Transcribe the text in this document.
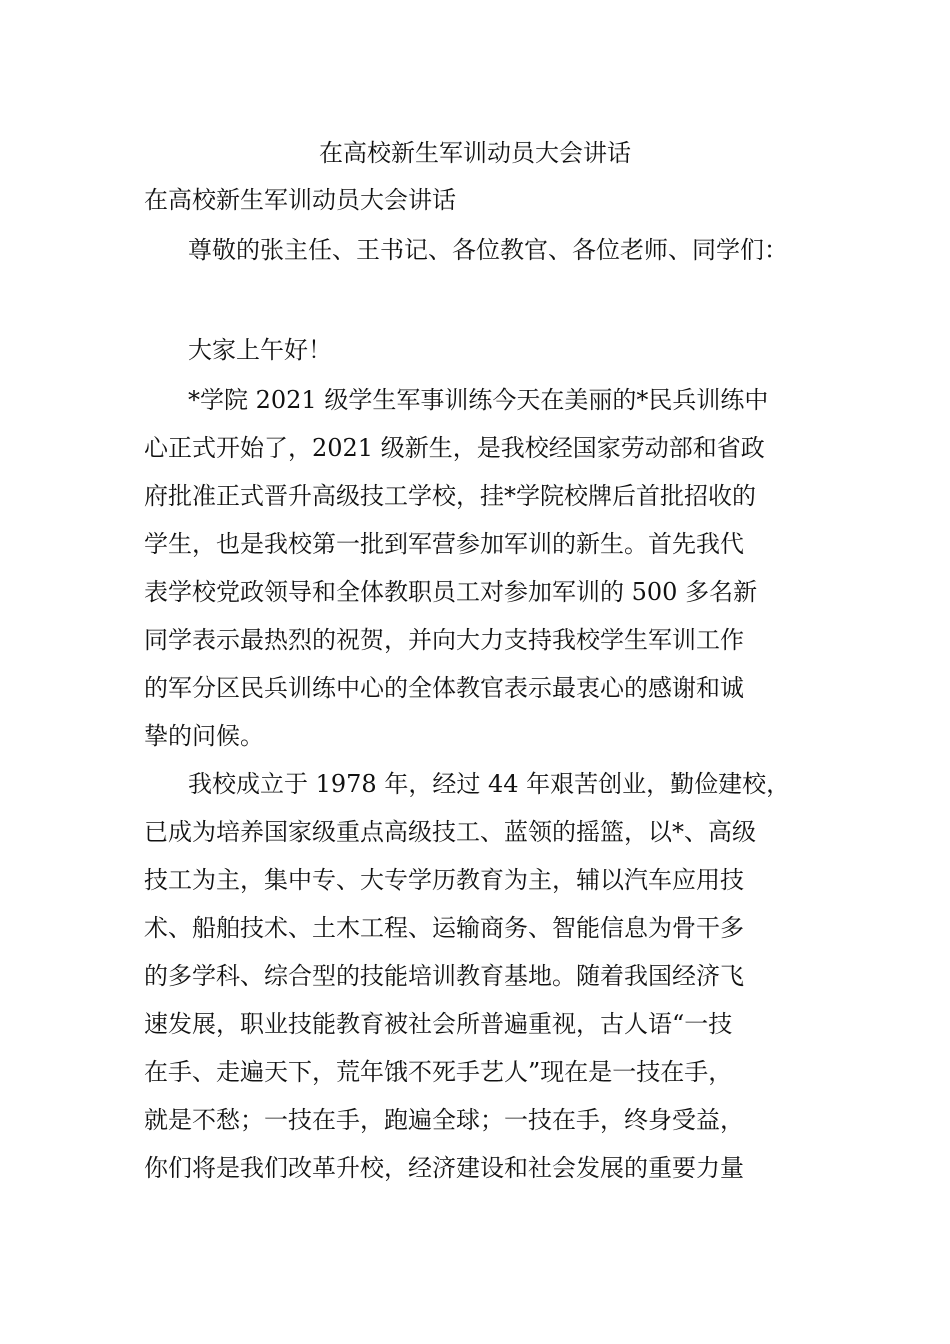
在高校新生军训动员大会讲话

在高校新生军训动员大会讲话

尊敬的张主任、王书记、各位教官、各位老师、同学们：

大家上午好！

*学院 2021 级学生军事训练今天在美丽的*民兵训练中
心正式开始了，2021 级新生，是我校经国家劳动部和省政
府批准正式晋升高级技工学校，挂*学院校牌后首批招收的
学生，也是我校第一批到军营参加军训的新生。首先我代
表学校党政领导和全体教职员工对参加军训的 500 多名新
同学表示最热烈的祝贺，并向大力支持我校学生军训工作
的军分区民兵训练中心的全体教官表示最衷心的感谢和诚
挚的问候。

我校成立于 1978 年，经过 44 年艰苦创业，勤俭建校，
已成为培养国家级重点高级技工、蓝领的摇篮，以*、高级
技工为主，集中专、大专学历教育为主，辅以汽车应用技
术、船舶技术、土木工程、运输商务、智能信息为骨干多
的多学科、综合型的技能培训教育基地。随着我国经济飞
速发展，职业技能教育被社会所普遍重视，古人语“一技
在手、走遍天下，荒年饿不死手艺人”现在是一技在手，
就是不愁；一技在手，跑遍全球；一技在手，终身受益，
你们将是我们改革升校，经济建设和社会发展的重要力量
